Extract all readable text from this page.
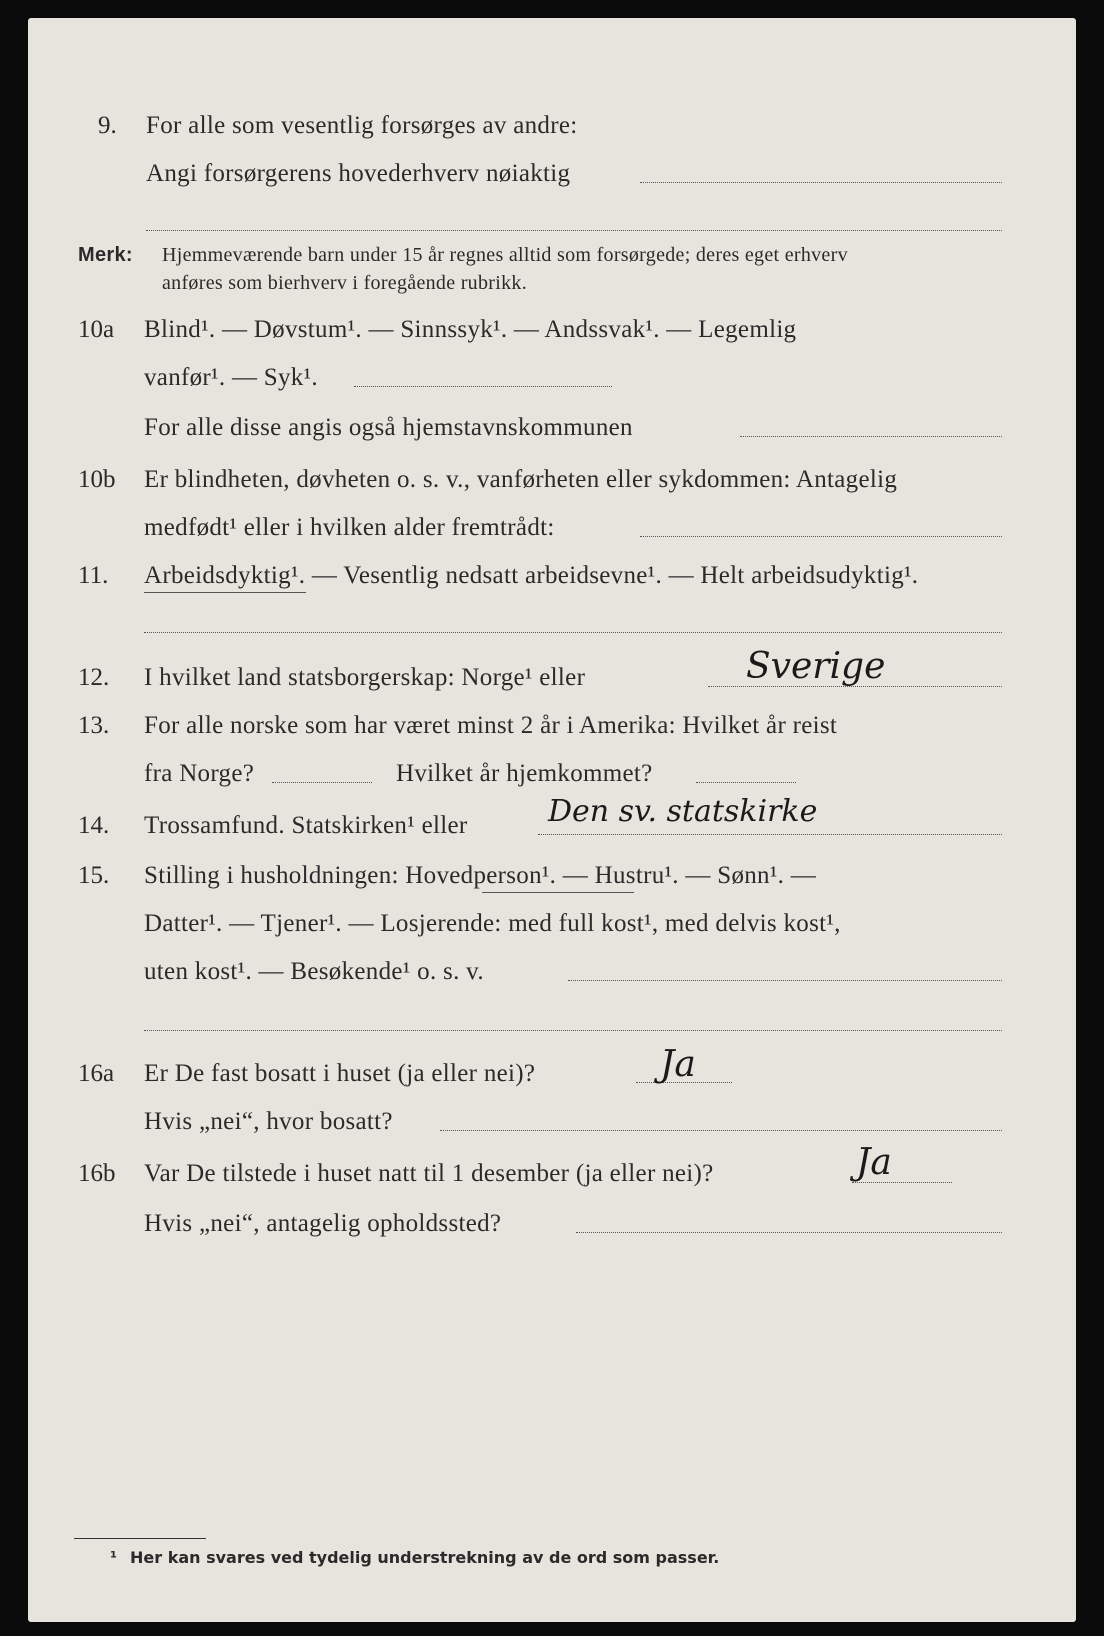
9. For alle som vesentlig forsørges av andre:
Angi forsørgerens hovederhverv nøiaktig
Merk: Hjemmeværende barn under 15 år regnes alltid som forsørgede; deres eget erhverv
anføres som bierhverv i foregående rubrikk.
10a Blind¹. — Døvstum¹. — Sinnssyk¹. — Andssvak¹. — Legemlig
vanfør¹. — Syk¹.
For alle disse angis også hjemstavnskommunen
10b Er blindheten, døvheten o. s. v., vanførheten eller sykdommen: Antagelig
medfødt¹ eller i hvilken alder fremtrådt:
11. Arbeidsdyktig¹. — Vesentlig nedsatt arbeidsevne¹. — Helt arbeidsudyktig¹.
12. I hvilket land statsborgerskap: Norge¹ eller	Sverige
13. For alle norske som har været minst 2 år i Amerika: Hvilket år reist
fra Norge?	Hvilket år hjemkommet?
14. Trossamfund. Statskirken¹ eller	Den sv. statskirke
15. Stilling i husholdningen: Hovedperson¹. — Hustru¹. — Sønn¹. —
Datter¹. — Tjener¹. — Losjerende: med full kost¹, med delvis kost¹,
uten kost¹. — Besøkende¹ o. s. v.
16a Er De fast bosatt i huset (ja eller nei)?	Ja
Hvis „nei“, hvor bosatt?
16b Var De tilstede i huset natt til 1 desember (ja eller nei)?	Ja
Hvis „nei“, antagelig opholdssted?
¹ Her kan svares ved tydelig understrekning av de ord som passer.
